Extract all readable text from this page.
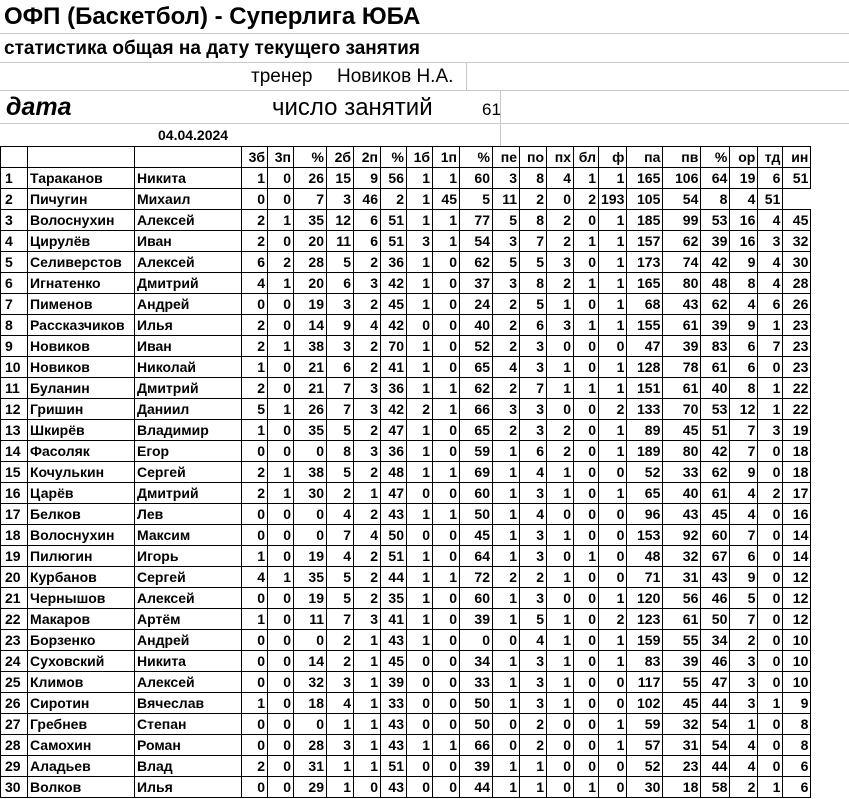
ОФП (Баскетбол) - Суперлига ЮБА
статистика общая на дату текущего занятия
тренер Новиков Н.А.
дата	число занятий	61
04.04.2024
			3б	3п	%	2б	2п	%	1б	1п	%	пе	по	пх	бл	ф	па	пв	%	ор	тд	ин
1	Тараканов	Никита	1	0	26	15	9	56	1	1	60	3	8	4	1	1	165	106	64	19	6	51
2	Пичугин	Михаил	0	0	7	3	46	2	1	45	5	11	2	0	2	193	105	54	8	4	51	
3	Волоснухин	Алексей	2	1	35	12	6	51	1	1	77	5	8	2	0	1	185	99	53	16	4	45
4	Цирулёв	Иван	2	0	20	11	6	51	3	1	54	3	7	2	1	1	157	62	39	16	3	32
5	Селиверстов	Алексей	6	2	28	5	2	36	1	0	62	5	5	3	0	1	173	74	42	9	4	30
6	Игнатенко	Дмитрий	4	1	20	6	3	42	1	0	37	3	8	2	1	1	165	80	48	8	4	28
7	Пименов	Андрей	0	0	19	3	2	45	1	0	24	2	5	1	0	1	68	43	62	4	6	26
8	Рассказчиков	Илья	2	0	14	9	4	42	0	0	40	2	6	3	1	1	155	61	39	9	1	23
9	Новиков	Иван	2	1	38	3	2	70	1	0	52	2	3	0	0	0	47	39	83	6	7	23
10	Новиков	Николай	1	0	21	6	2	41	1	0	65	4	3	1	0	1	128	78	61	6	0	23
11	Буланин	Дмитрий	2	0	21	7	3	36	1	1	62	2	7	1	1	1	151	61	40	8	1	22
12	Гришин	Даниил	5	1	26	7	3	42	2	1	66	3	3	0	0	2	133	70	53	12	1	22
13	Шкирёв	Владимир	1	0	35	5	2	47	1	0	65	2	3	2	0	1	89	45	51	7	3	19
14	Фасоляк	Егор	0	0	0	8	3	36	1	0	59	1	6	2	0	1	189	80	42	7	0	18
15	Кочулькин	Сергей	2	1	38	5	2	48	1	1	69	1	4	1	0	0	52	33	62	9	0	18
16	Царёв	Дмитрий	2	1	30	2	1	47	0	0	60	1	3	1	0	1	65	40	61	4	2	17
17	Белков	Лев	0	0	0	4	2	43	1	1	50	1	4	0	0	0	96	43	45	4	0	16
18	Волоснухин	Максим	0	0	0	7	4	50	0	0	45	1	3	1	0	0	153	92	60	7	0	14
19	Пилюгин	Игорь	1	0	19	4	2	51	1	0	64	1	3	0	1	0	48	32	67	6	0	14
20	Курбанов	Сергей	4	1	35	5	2	44	1	1	72	2	2	1	0	0	71	31	43	9	0	12
21	Чернышов	Алексей	0	0	19	5	2	35	1	0	60	1	3	0	0	1	120	56	46	5	0	12
22	Макаров	Артём	1	0	11	7	3	41	1	0	39	1	5	1	0	2	123	61	50	7	0	12
23	Борзенко	Андрей	0	0	0	2	1	43	1	0	0	0	4	1	0	1	159	55	34	2	0	10
24	Суховский	Никита	0	0	14	2	1	45	0	0	34	1	3	1	0	1	83	39	46	3	0	10
25	Климов	Алексей	0	0	32	3	1	39	0	0	33	1	3	1	0	0	117	55	47	3	0	10
26	Сиротин	Вячеслав	1	0	18	4	1	33	0	0	50	1	3	1	0	0	102	45	44	3	1	9
27	Гребнев	Степан	0	0	0	1	1	43	0	0	50	0	2	0	0	1	59	32	54	1	0	8
28	Самохин	Роман	0	0	28	3	1	43	1	1	66	0	2	0	0	1	57	31	54	4	0	8
29	Аладьев	Влад	2	0	31	1	1	51	0	0	39	1	1	0	0	0	52	23	44	4	0	6
30	Волков	Илья	0	0	29	1	0	43	0	0	44	1	1	0	1	0	30	18	58	2	1	6
